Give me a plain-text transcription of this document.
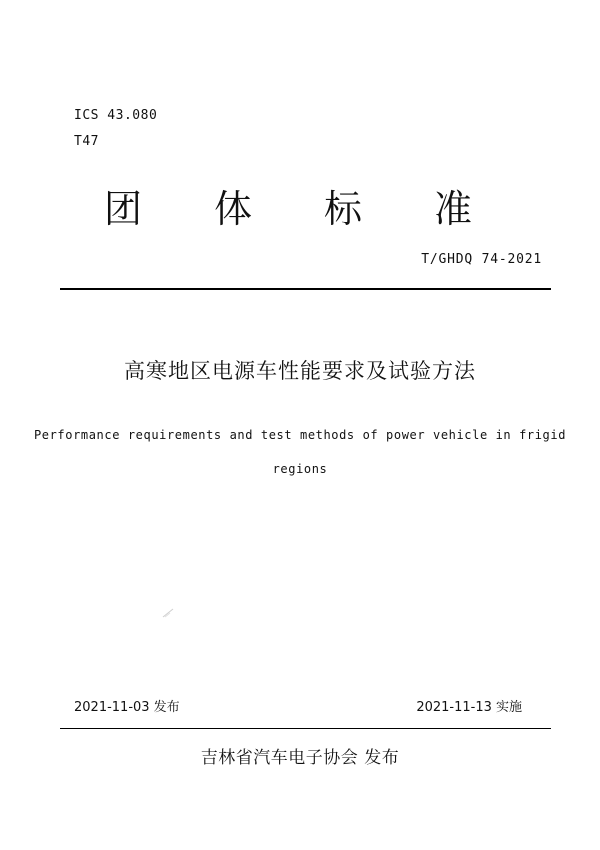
ICS 43.080
T47
团体标准
T/GHDQ 74-2021
高寒地区电源车性能要求及试验方法
Performance requirements and test methods of power vehicle in frigid
regions
2021-11-03 发布	2021-11-13 实施
吉林省汽车电子协会 发布
